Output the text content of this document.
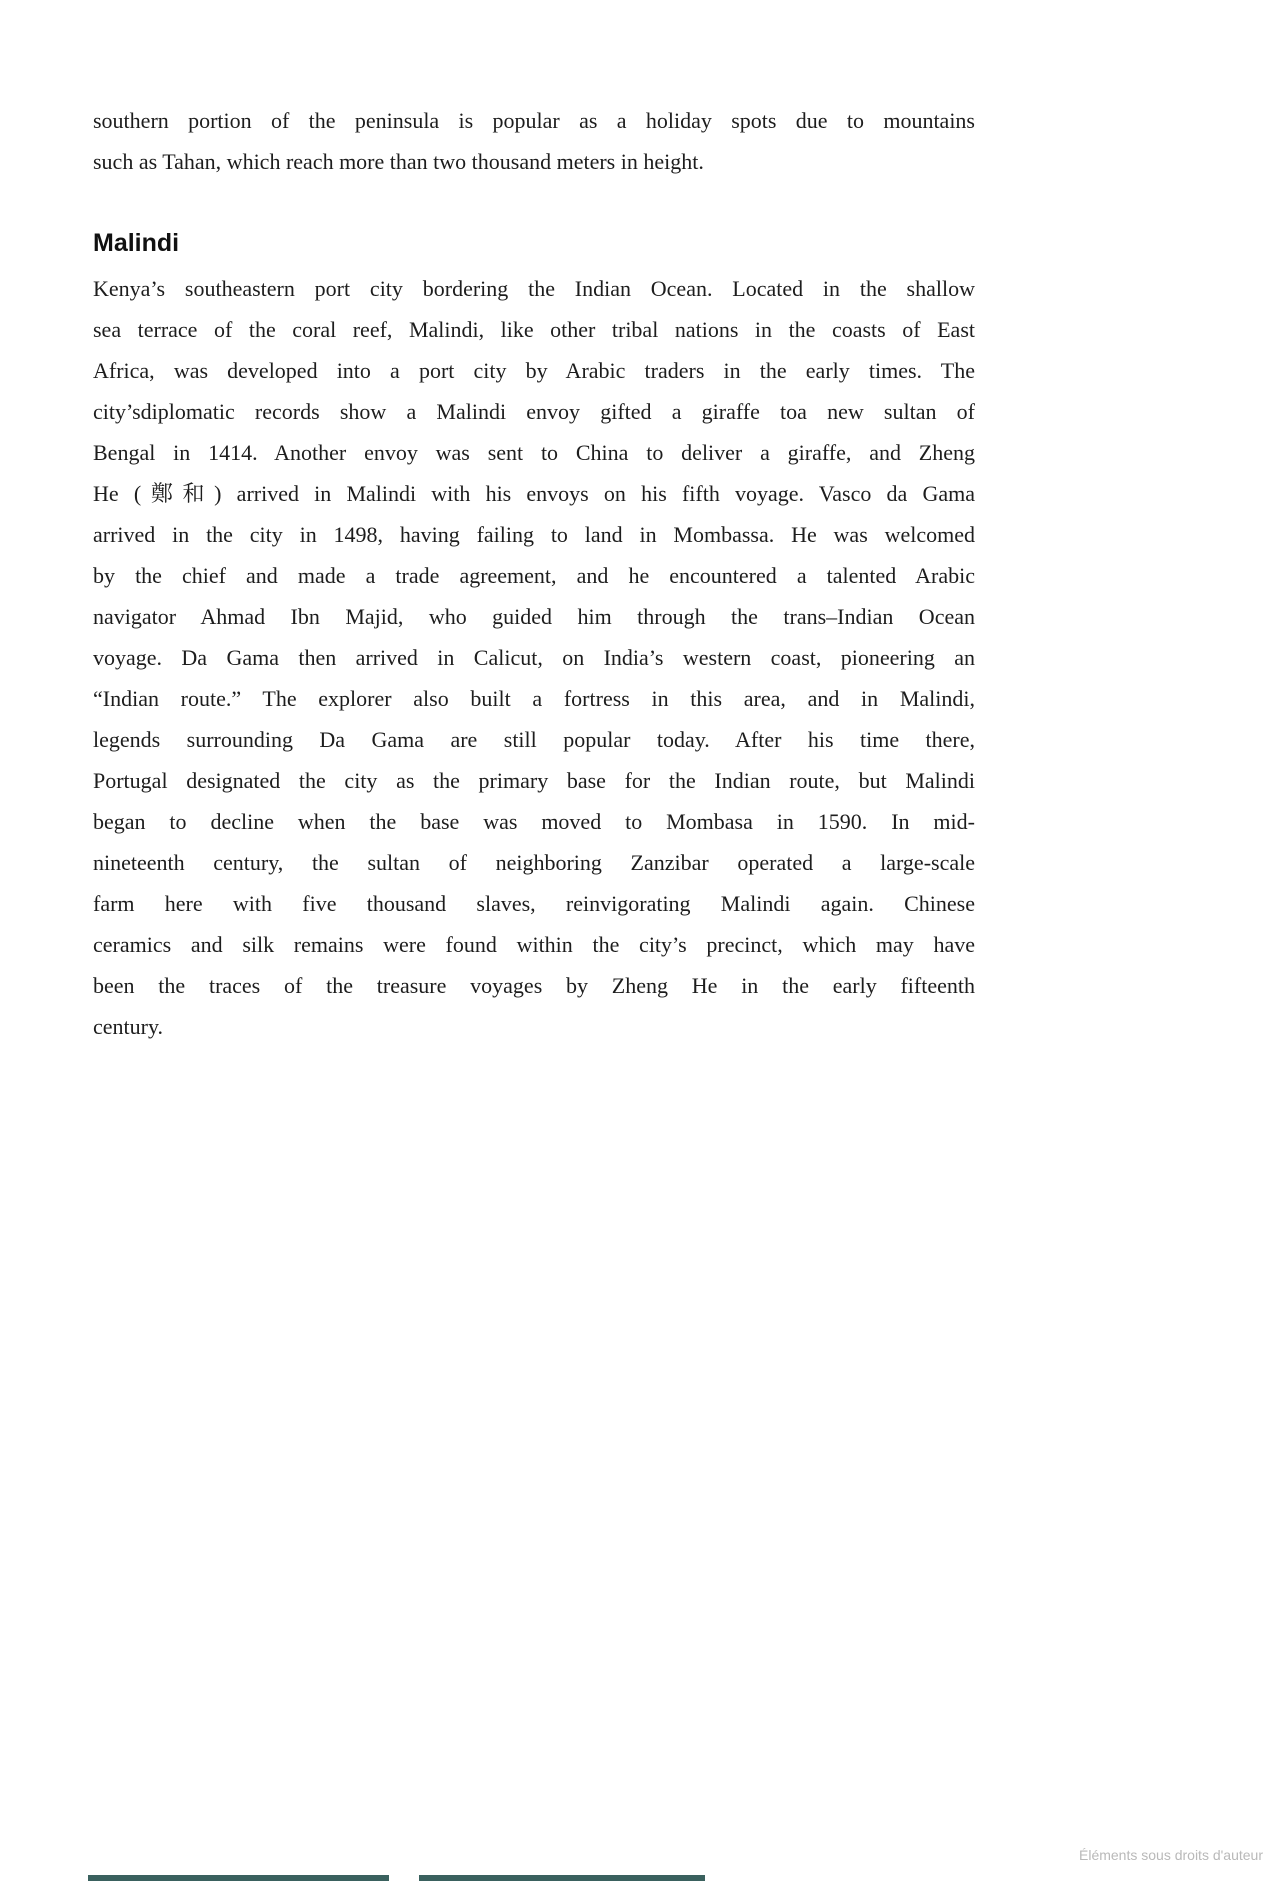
southern portion of the peninsula is popular as a holiday spots due to mountains
such as Tahan, which reach more than two thousand meters in height.
Malindi
Kenya’s southeastern port city bordering the Indian Ocean. Located in the shallow
sea terrace of the coral reef, Malindi, like other tribal nations in the coasts of East
Africa, was developed into a port city by Arabic traders in the early times. The
city’sdiplomatic records show a Malindi envoy gifted a giraffe toa new sultan of
Bengal in 1414. Another envoy was sent to China to deliver a giraffe, and Zheng
He (鄭和) arrived in Malindi with his envoys on his fifth voyage. Vasco da Gama
arrived in the city in 1498, having failing to land in Mombassa. He was welcomed
by the chief and made a trade agreement, and he encountered a talented Arabic
navigator Ahmad Ibn Majid, who guided him through the trans–Indian Ocean
voyage. Da Gama then arrived in Calicut, on India’s western coast, pioneering an
“Indian route.” The explorer also built a fortress in this area, and in Malindi,
legends surrounding Da Gama are still popular today. After his time there,
Portugal designated the city as the primary base for the Indian route, but Malindi
began to decline when the base was moved to Mombasa in 1590. In mid-
nineteenth century, the sultan of neighboring Zanzibar operated a large-scale
farm here with five thousand slaves, reinvigorating Malindi again. Chinese
ceramics and silk remains were found within the city’s precinct, which may have
been the traces of the treasure voyages by Zheng He in the early fifteenth
century.
Éléments sous droits d'auteur
